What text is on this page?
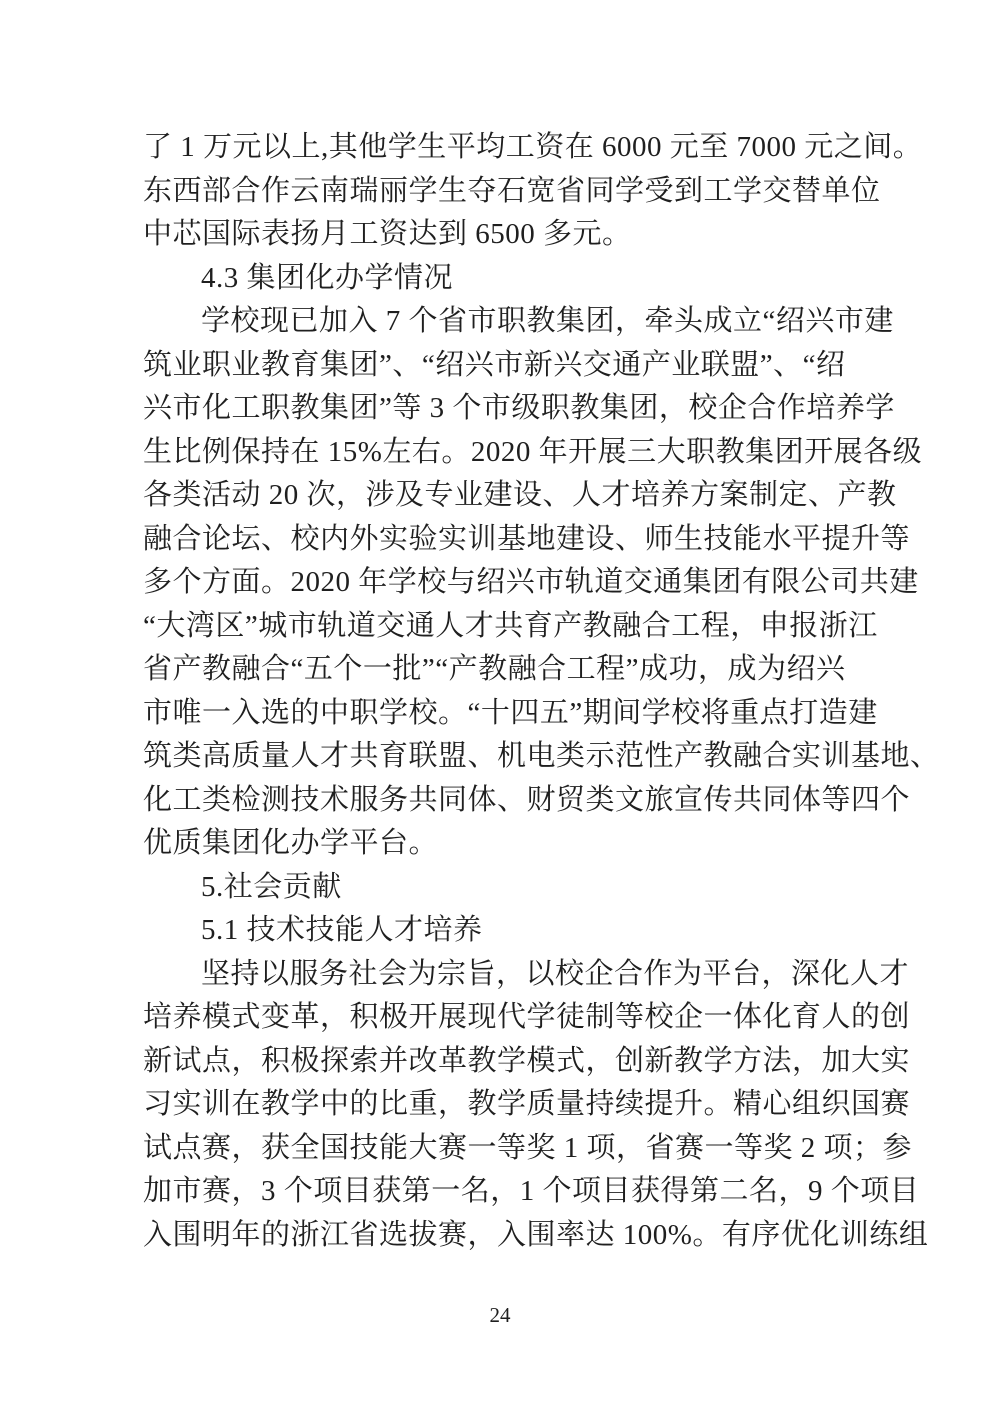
了 1 万元以上,其他学生平均工资在 6000 元至 7000 元之间。
东西部合作云南瑞丽学生夺石宽省同学受到工学交替单位
中芯国际表扬月工资达到 6500 多元。
4.3 集团化办学情况
学校现已加入 7 个省市职教集团，牵头成立“绍兴市建
筑业职业教育集团”、“绍兴市新兴交通产业联盟”、“绍
兴市化工职教集团”等 3 个市级职教集团，校企合作培养学
生比例保持在 15%左右。2020 年开展三大职教集团开展各级
各类活动 20 次，涉及专业建设、人才培养方案制定、产教
融合论坛、校内外实验实训基地建设、师生技能水平提升等
多个方面。2020 年学校与绍兴市轨道交通集团有限公司共建
“大湾区”城市轨道交通人才共育产教融合工程，申报浙江
省产教融合“五个一批”“产教融合工程”成功，成为绍兴
市唯一入选的中职学校。“十四五”期间学校将重点打造建
筑类高质量人才共育联盟、机电类示范性产教融合实训基地、
化工类检测技术服务共同体、财贸类文旅宣传共同体等四个
优质集团化办学平台。
5.社会贡献
5.1 技术技能人才培养
坚持以服务社会为宗旨，以校企合作为平台，深化人才
培养模式变革，积极开展现代学徒制等校企一体化育人的创
新试点，积极探索并改革教学模式，创新教学方法，加大实
习实训在教学中的比重，教学质量持续提升。精心组织国赛
试点赛，获全国技能大赛一等奖 1 项，省赛一等奖 2 项；参
加市赛，3 个项目获第一名，1 个项目获得第二名，9 个项目
入围明年的浙江省选拔赛，入围率达 100%。有序优化训练组
24
